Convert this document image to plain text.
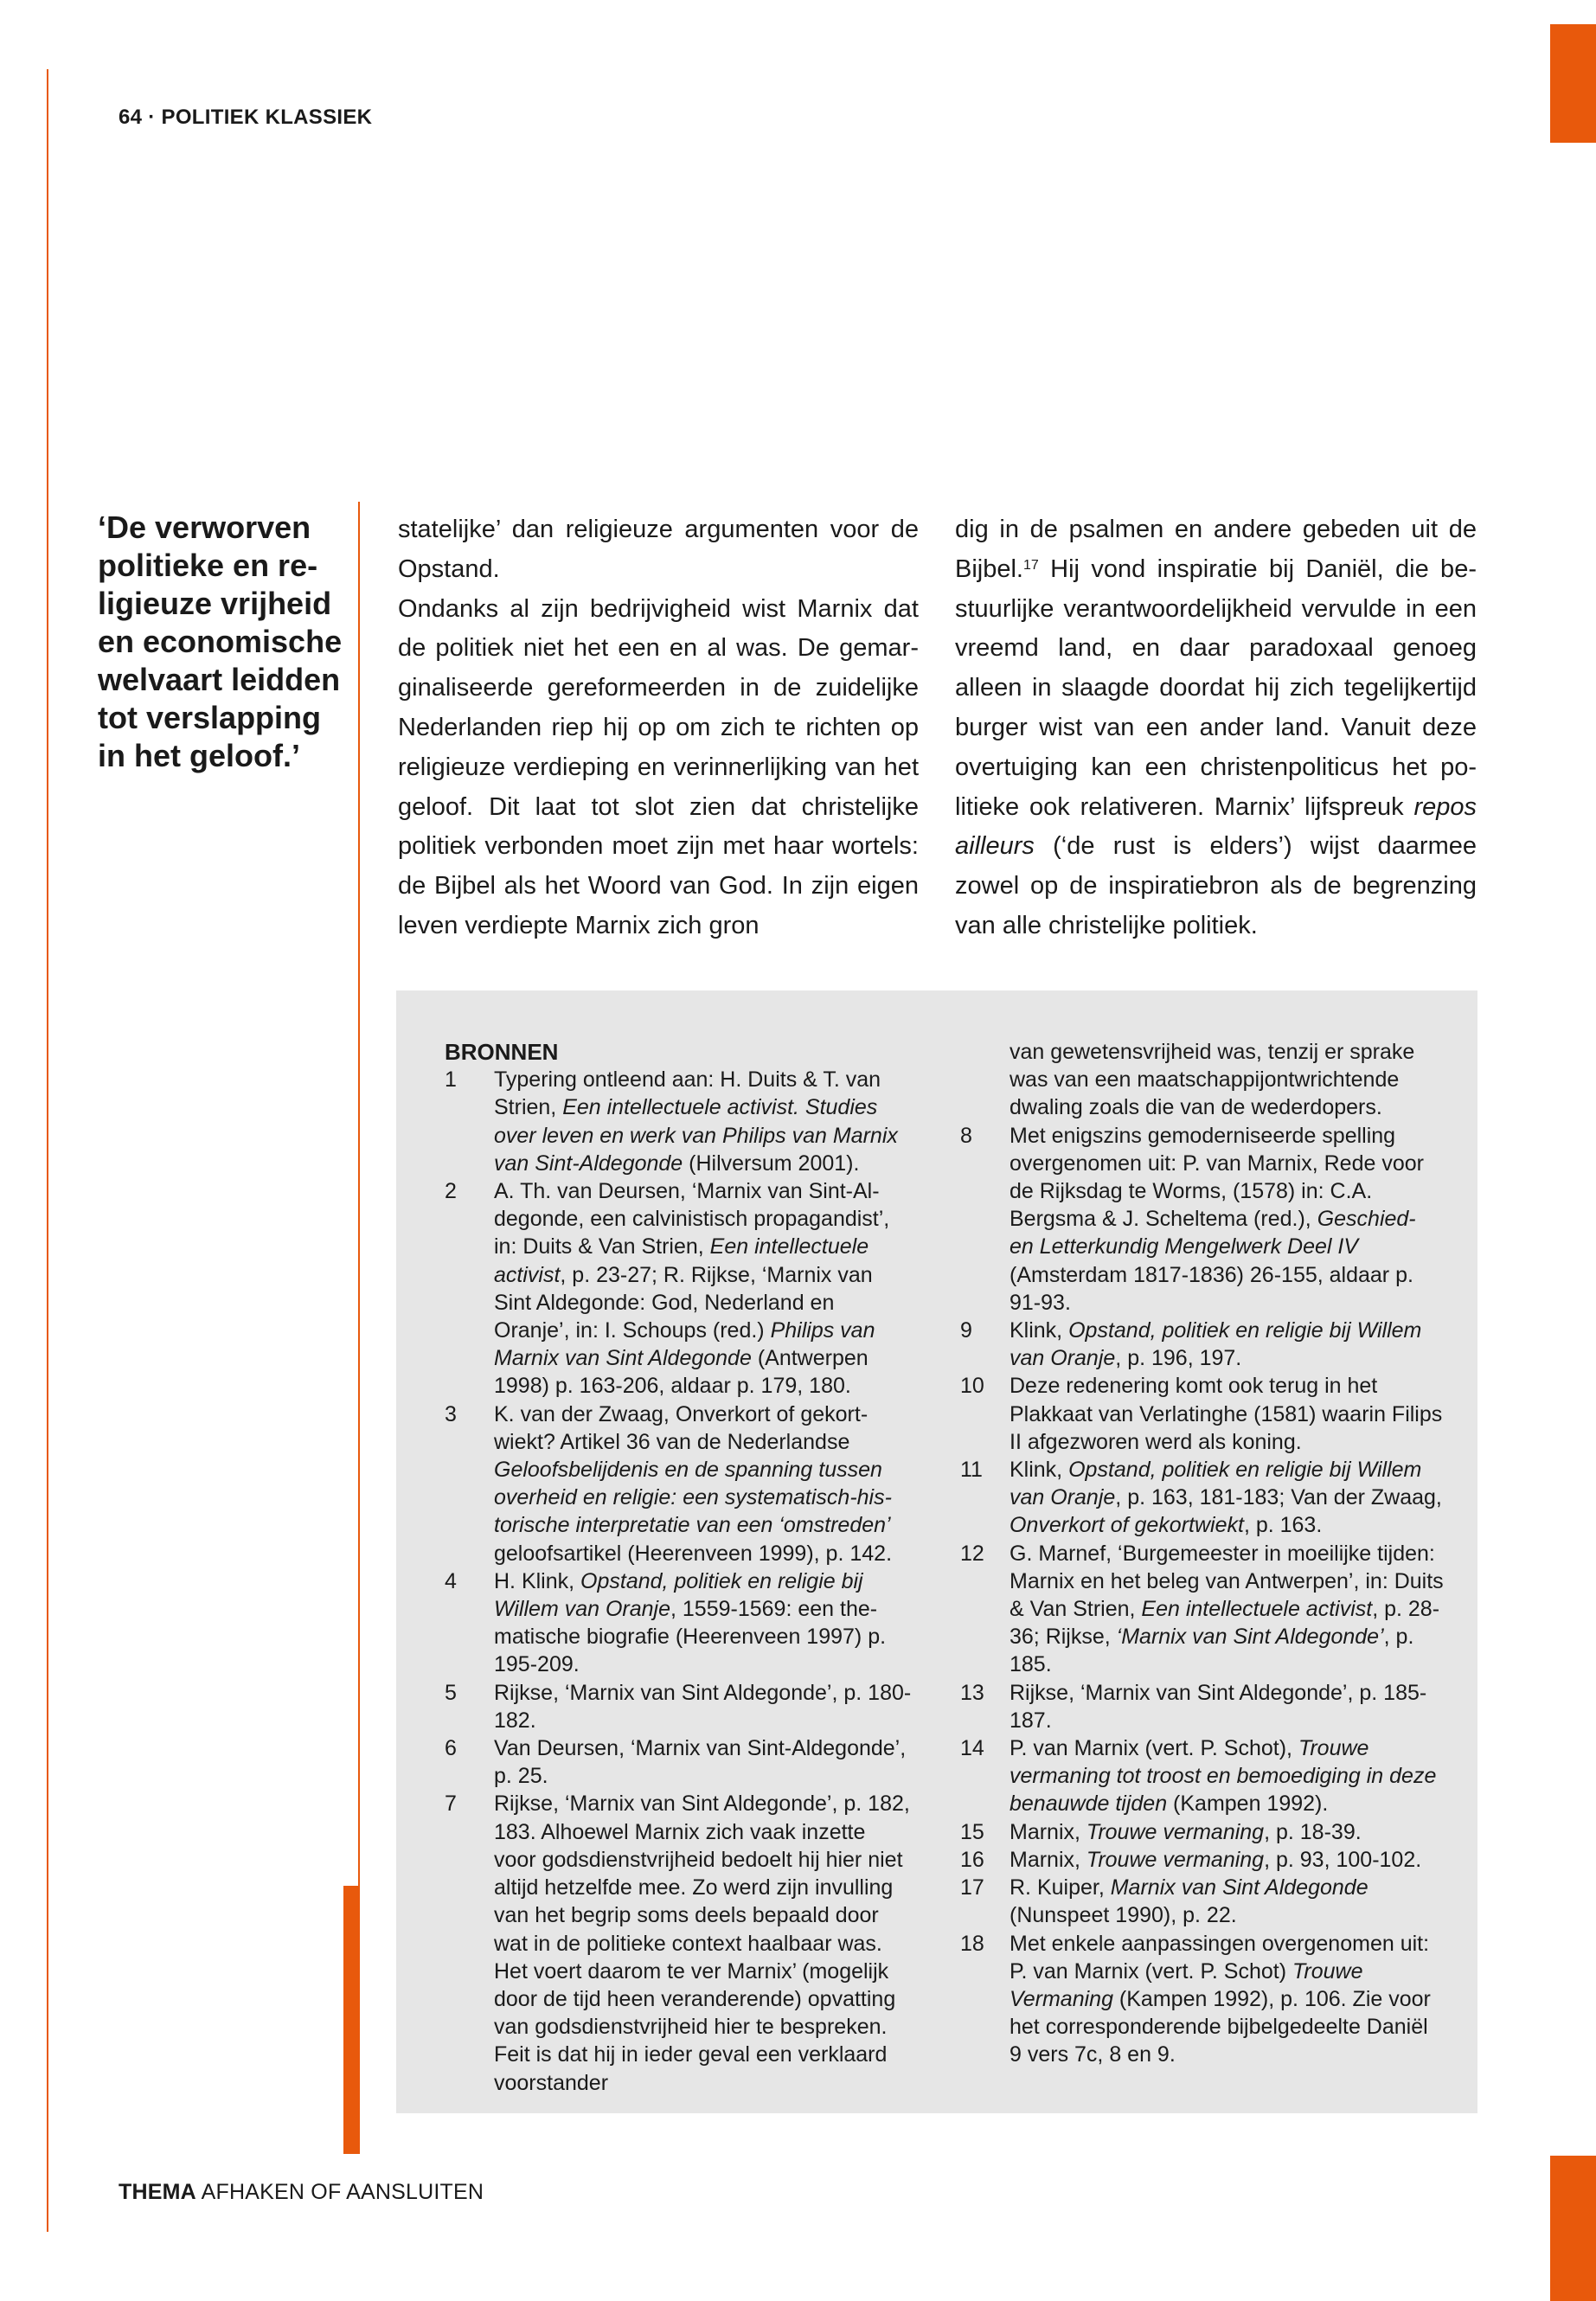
64 · POLITIEK KLASSIEK

‘De verworven politieke en religieuze vrijheid en economische welvaart leidden tot verslapping in het geloof.’

statelijke’ dan religieuze argumenten voor de Opstand.

Ondanks al zijn bedrijvigheid wist Marnix dat de politiek niet het een en al was. De gemarginaliseerde gereformeerden in de zuidelijke Nederlanden riep hij op om zich te richten op religieuze verdieping en verinnerlijking van het geloof. Dit laat tot slot zien dat christelijke politiek verbonden moet zijn met haar wortels: de Bijbel als het Woord van God. In zijn eigen leven verdiepte Marnix zich gron

dig in de psalmen en andere gebeden uit de Bijbel.$^{17}$ Hij vond inspiratie bij Daniël, die bestuurlijke verantwoordelijkheid vervulde in een vreemd land, en daar paradoxaal genoeg alleen in slaagde doordat hij zich tegelijkertijd burger wist van een ander land. Vanuit deze overtuiging kan een christenpoliticus het politieke ook relativeren. Marnix’ lijfspreuk repos ailleurs (‘de rust is elders’) wijst daarmee zowel op de inspiratiebron als de begrenzing van alle christelijke politiek.

BRONNEN

1	Typering ontleend aan: H. Duits & T. van Strien, Een intellectuele activist. Studies over leven en werk van Philips van Marnix van Sint-Aldegonde (Hilversum 2001).
2	A. Th. van Deursen, ‘Marnix van Sint-Aldegonde, een calvinistisch propagandist’, in: Duits & Van Strien, Een intellectuele activist, p. 23-27; R. Rijkse, ‘Marnix van Sint Aldegonde: God, Nederland en Oranje’, in: I. Schoups (red.) Philips van Marnix van Sint Aldegonde (Antwerpen 1998) p. 163-206, aldaar p. 179, 180.
3	K. van der Zwaag, Onverkort of gekortwiekt? Artikel 36 van de Nederlandse Geloofsbelijdenis en de spanning tussen overheid en religie: een systematisch-historische interpretatie van een ‘omstreden’ geloofsartikel (Heerenveen 1999), p. 142.
4	H. Klink, Opstand, politiek en religie bij Willem van Oranje, 1559-1569: een thematische biografie (Heerenveen 1997) p. 195-209.
5	Rijkse, ‘Marnix van Sint Aldegonde’, p. 180-182.
6	Van Deursen, ‘Marnix van Sint-Aldegonde’, p. 25.
7	Rijkse, ‘Marnix van Sint Aldegonde’, p. 182, 183. Alhoewel Marnix zich vaak inzette voor godsdienstvrijheid bedoelt hij hier niet altijd hetzelfde mee. Zo werd zijn invulling van het begrip soms deels bepaald door wat in de politieke context haalbaar was. Het voert daarom te ver Marnix’ (mogelijk door de tijd heen veranderende) opvatting van godsdienstvrijheid hier te bespreken. Feit is dat hij in ieder geval een verklaard voorstander

van gewetensvrijheid was, tenzij er sprake was van een maatschappijontwrichtende dwaling zoals die van de wederdopers.

8	Met enigszins gemoderniseerde spelling overgenomen uit: P. van Marnix, Rede voor de Rijksdag te Worms, (1578) in: C.A. Bergsma & J. Scheltema (red.), Geschied- en Letterkundig Mengelwerk Deel IV (Amsterdam 1817-1836) 26-155, aldaar p. 91-93.
9	Klink, Opstand, politiek en religie bij Willem van Oranje, p. 196, 197.
10	Deze redenering komt ook terug in het Plakkaat van Verlatinghe (1581) waarin Filips II afgezworen werd als koning.
11	Klink, Opstand, politiek en religie bij Willem van Oranje, p. 163, 181-183; Van der Zwaag, Onverkort of gekortwiekt, p. 163.
12	G. Marnef, ‘Burgemeester in moeilijke tijden: Marnix en het beleg van Antwerpen’, in: Duits & Van Strien, Een intellectuele activist, p. 28-36; Rijkse, ‘Marnix van Sint Aldegonde’, p. 185.
13	Rijkse, ‘Marnix van Sint Aldegonde’, p. 185-187.
14	P. van Marnix (vert. P. Schot), Trouwe vermaning tot troost en bemoediging in deze benauwde tijden (Kampen 1992).
15	Marnix, Trouwe vermaning, p. 18-39.
16	Marnix, Trouwe vermaning, p. 93, 100-102.
17	R. Kuiper, Marnix van Sint Aldegonde (Nunspeet 1990), p. 22.
18	Met enkele aanpassingen overgenomen uit: P. van Marnix (vert. P. Schot) Trouwe Vermaning (Kampen 1992), p. 106. Zie voor het corresponderende bijbelgedeelte Daniël 9 vers 7c, 8 en 9.
THEMA AFHAKEN OF AANSLUITEN
